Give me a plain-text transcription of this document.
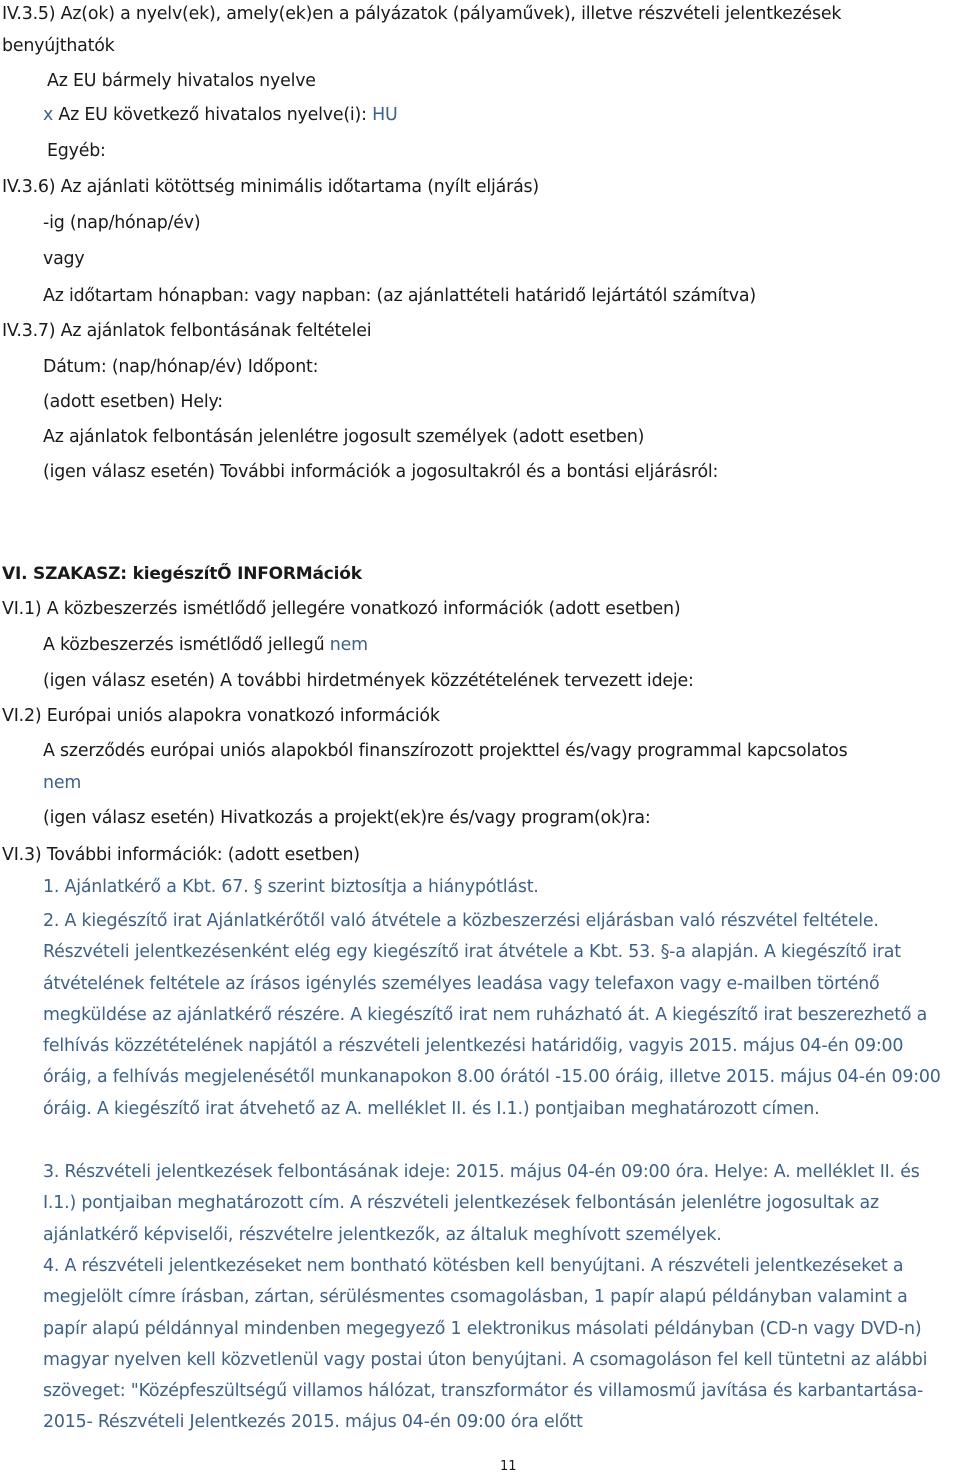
IV.3.5) Az(ok) a nyelv(ek), amely(ek)en a pályázatok (pályaművek), illetve részvételi jelentkezések
benyújthatók
Az EU bármely hivatalos nyelve
x Az EU következő hivatalos nyelve(i): HU
Egyéb:
IV.3.6) Az ajánlati kötöttség minimális időtartama (nyílt eljárás)
-ig (nap/hónap/év)
vagy
Az időtartam hónapban: vagy napban: (az ajánlattételi határidő lejártától számítva)
IV.3.7) Az ajánlatok felbontásának feltételei
Dátum: (nap/hónap/év) Időpont:
(adott esetben) Hely:
Az ajánlatok felbontásán jelenlétre jogosult személyek (adott esetben)
(igen válasz esetén) További információk a jogosultakról és a bontási eljárásról:
VI. SZAKASZ: kiegészítŐ INFORMációk
VI.1) A közbeszerzés ismétlődő jellegére vonatkozó információk (adott esetben)
A közbeszerzés ismétlődő jellegű nem
(igen válasz esetén) A további hirdetmények közzétételének tervezett ideje:
VI.2) Európai uniós alapokra vonatkozó információk
A szerződés európai uniós alapokból finanszírozott projekttel és/vagy programmal kapcsolatos
nem
(igen válasz esetén) Hivatkozás a projekt(ek)re és/vagy program(ok)ra:
VI.3) További információk: (adott esetben)
1. Ajánlatkérő a Kbt. 67. § szerint biztosítja a hiánypótlást.
2. A kiegészítő irat Ajánlatkérőtől való átvétele a közbeszerzési eljárásban való részvétel feltétele. Részvételi jelentkezésenként elég egy kiegészítő irat átvétele a Kbt. 53. §-a alapján. A kiegészítő irat átvételének feltétele az írásos igénylés személyes leadása vagy telefaxon vagy e-mailben történő megküldése az ajánlatkérő részére. A kiegészítő irat nem ruházható át. A kiegészítő irat beszerezhető a felhívás közzétételének napjától a részvételi jelentkezési határidőig, vagyis 2015. május 04-én 09:00 óráig, a felhívás megjelenésétől munkanapokon 8.00 órától -15.00 óráig, illetve 2015. május 04-én 09:00 óráig. A kiegészítő irat átvehető az A. melléklet II. és I.1.) pontjaiban meghatározott címen.
3. Részvételi jelentkezések felbontásának ideje: 2015. május 04-én 09:00 óra. Helye: A. melléklet II. és I.1.) pontjaiban meghatározott cím. A részvételi jelentkezések felbontásán jelenlétre jogosultak az ajánlatkérő képviselői, részvételre jelentkezők, az általuk meghívott személyek.
4. A részvételi jelentkezéseket nem bontható kötésben kell benyújtani. A részvételi jelentkezéseket a megjelölt címre írásban, zártan, sérülésmentes csomagolásban, 1 papír alapú példányban valamint a papír alapú példánnyal mindenben megegyező 1 elektronikus másolati példányban (CD-n vagy DVD-n) magyar nyelven kell közvetlenül vagy postai úton benyújtani. A csomagoláson fel kell tüntetni az alábbi szöveget: "Középfeszültségű villamos hálózat, transzformátor és villamosmű javítása és karbantartása-2015- Részvételi Jelentkezés 2015. május 04-én 09:00 óra előtt
11
